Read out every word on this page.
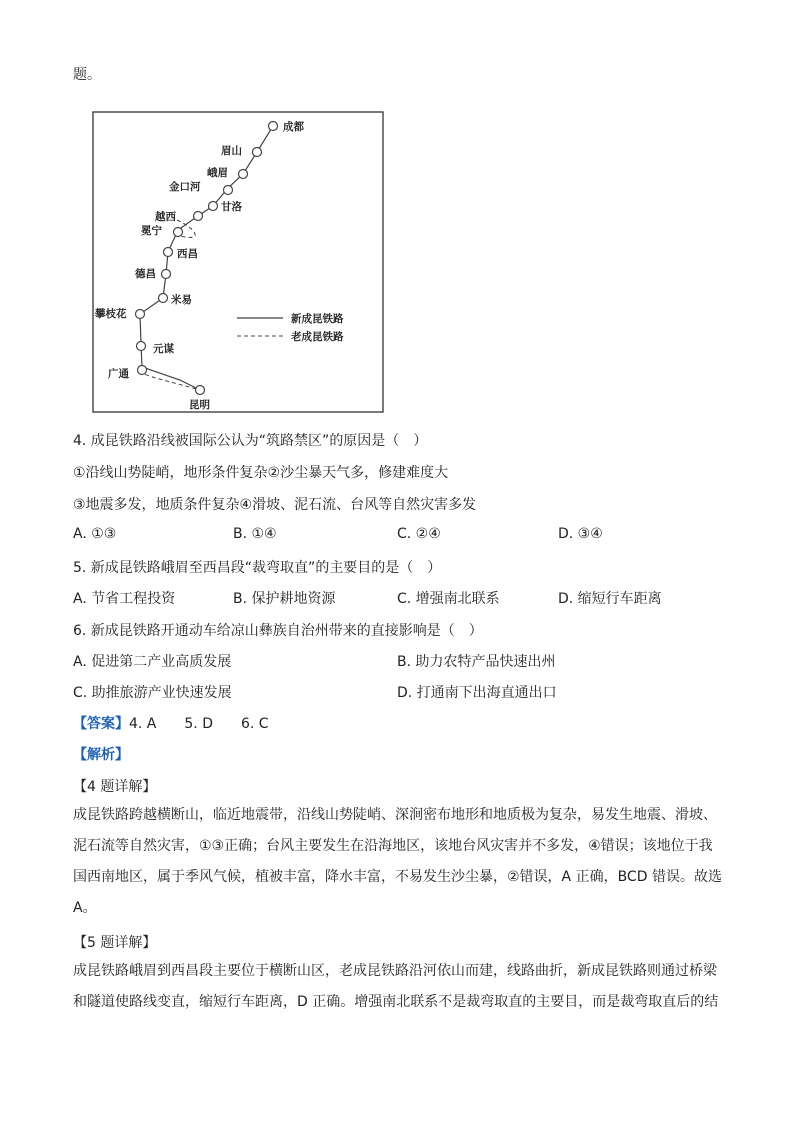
题。
成都
眉山
峨眉
金口河
甘洛
越西
冕宁
西昌
德昌
米易
攀枝花
元谋
广通
昆明
新成昆铁路
老成昆铁路
4. 成昆铁路沿线被国际公认为“筑路禁区”的原因是（　）
①沿线山势陡峭，地形条件复杂②沙尘暴天气多，修建难度大
③地震多发，地质条件复杂④滑坡、泥石流、台风等自然灾害多发
A. ①③	B. ①④	C. ②④	D. ③④
5. 新成昆铁路峨眉至西昌段“裁弯取直”的主要目的是（　）
A. 节省工程投资	B. 保护耕地资源	C. 增强南北联系	D. 缩短行车距离
6. 新成昆铁路开通动车给凉山彝族自治州带来的直接影响是（　）
A. 促进第二产业高质发展	B. 助力农特产品快速出州
C. 助推旅游产业快速发展	D. 打通南下出海直通出口
【答案】4. A　　5. D　　6. C
【解析】
【4 题详解】
成昆铁路跨越横断山，临近地震带，沿线山势陡峭、深涧密布地形和地质极为复杂，易发生地震、滑坡、泥石流等自然灾害，①③正确；台风主要发生在沿海地区，该地台风灾害并不多发，④错误；该地位于我国西南地区，属于季风气候，植被丰富，降水丰富，不易发生沙尘暴，②错误，A 正确，BCD 错误。故选 A。
【5 题详解】
成昆铁路峨眉到西昌段主要位于横断山区，老成昆铁路沿河依山而建，线路曲折，新成昆铁路则通过桥梁和隧道使路线变直，缩短行车距离，D 正确。增强南北联系不是裁弯取直的主要目，而是裁弯取直后的结
